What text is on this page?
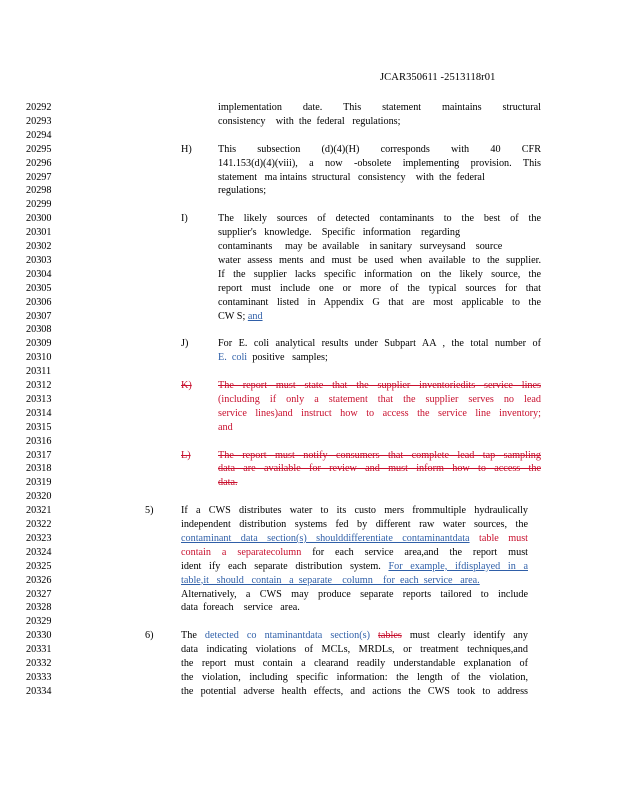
JCAR350611 -2513118r01
20292	implementation date. This statement maintains structural
20293	consistency    with  the  federal   regulations;
20294
20295	H)	This subsection (d)(4)(H) corresponds with 40 CFR
20296	141.153(d)(4)(viii), a now -obsolete implementing provision. This
20297	statement   ma intains  structural   consistency    with  the  federal
20298	regulations;
20299
20300	I)	The likely sources of detected contaminants to the best of the
20301	supplier's   knowledge.    Specific   information    regarding
20302	contaminants     may  be  available    in sanitary   surveysand    source
20303	water assess ments and must be used when available to the supplier.
20304	If the supplier lacks specific information on the likely source, the
20305	report must include one or more of the typical sources for that
20306	contaminant listed in Appendix G that are most applicable to the
20307	CW S; and
20308
20309	J)	For E. coli analytical results under Subpart AA , the total number of
20310	E.  coli  positive   samples;
20311
20312	K)	The report must state that the supplier inventoriedits service lines
20313	(including if only a statement that the supplier serves no lead
20314	service lines)and instruct how to access the service line inventory;
20315	and
20316
20317	L)	The report must notify consumers that complete lead tap sampling
20318	data are available for review and must inform how to access the
20319	data.
20320
20321	5)	If a CWS distributes water to its custo mers frommultiple hydraulically
20322	independent distribution systems fed by different raw water sources, the
20323	contaminant data section(s) shoulddifferentiate contaminantdata table must
20324	contain a separatecolumn for each service area,and the report must
20325	ident ify each separate distribution system. For example, ifdisplayed in a
20326	table,it   should   contain   a  separate    column    for  each  service   area.
20327	Alternatively, a CWS may produce separate reports tailored to include
20328	data  foreach    service   area.
20329
20330	6)	The detected co ntaminantdata section(s) tables must clearly identify any
20331	data indicating violations of MCLs, MRDLs, or treatment techniques,and
20332	the report must contain a clearand readily understandable explanation of
20333	the violation, including specific information: the length of the violation,
20334	the potential adverse health effects, and actions the CWS took to address
